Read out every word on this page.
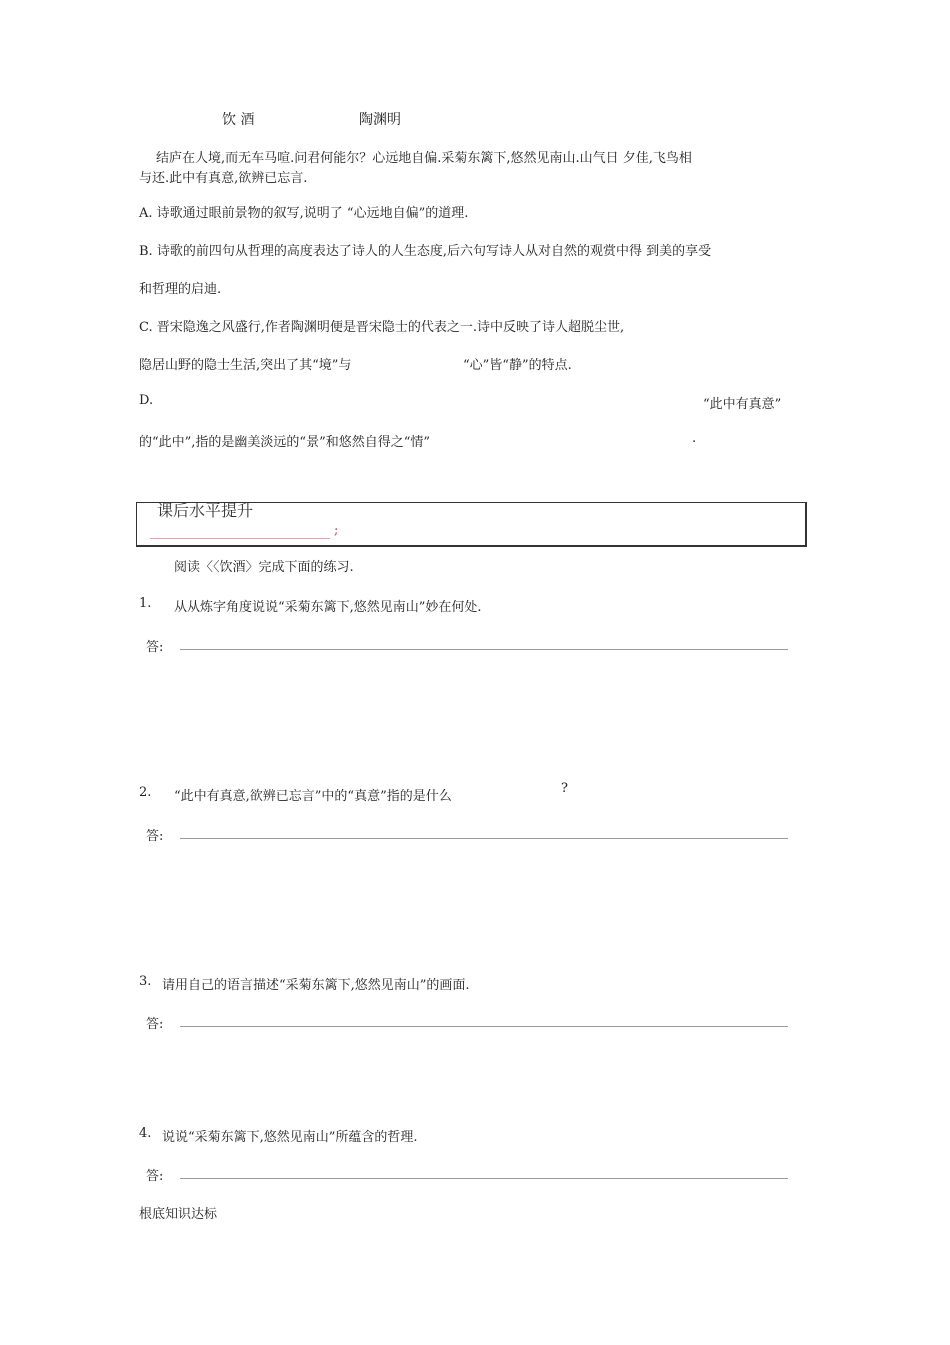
饮 酒	陶渊明
结庐在人境,而无车马喧.问君何能尔？心远地自偏.采菊东篱下,悠然见南山.山气日 夕佳,飞鸟相
与还.此中有真意,欲辨已忘言.
A. 诗歌通过眼前景物的叙写,说明了 “心远地自偏”的道理.
B. 诗歌的前四句从哲理的高度表达了诗人的人生态度,后六句写诗人从对自然的观赏中得 到美的享受
和哲理的启迪.
C. 晋宋隐逸之风盛行,作者陶渊明便是晋宋隐士的代表之一.诗中反映了诗人超脱尘世,
隐居山野的隐士生活,突出了其“境”与	“心”皆“静”的特点.
D.	“此中有真意”
的“此中”,指的是幽美淡远的“景”和悠然自得之“情”	.
课后水平提升
;
阅读〈〈饮酒〉完成下面的练习.
1. 从从炼字角度说说“采菊东篱下,悠然见南山”妙在何处.
答:
2. “此中有真意,欲辨已忘言”中的“真意”指的是什么
?
答:
3. 请用自己的语言描述“采菊东篱下,悠然见南山”的画面.
答:
4. 说说“采菊东篱下,悠然见南山”所蕴含的哲理.
答:
根底知识达标
